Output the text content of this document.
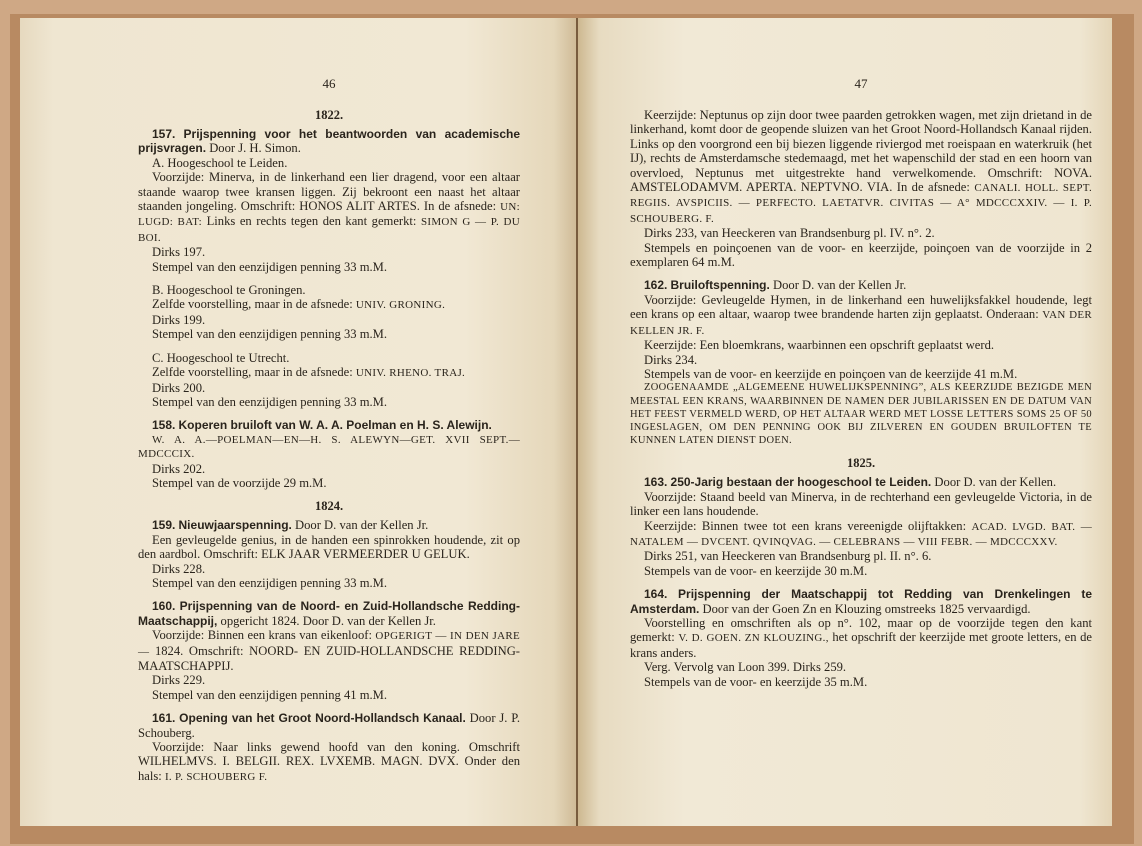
46
1822.

157. Prijspenning voor het beantwoorden van academische prijsvragen. Door J. H. Simon.

A. Hoogeschool te Leiden.

Voorzijde: Minerva, in de linkerhand een lier dragend, voor een altaar staande waarop twee kransen liggen. Zij bekroont een naast het altaar staanden jongeling. Omschrift: HONOS ALIT ARTES. In de afsnede: UN: LUGD: BAT: Links en rechts tegen den kant gemerkt: SIMON G — P. DU BOI.

Dirks 197.

Stempel van den eenzijdigen penning 33 m.M.

B. Hoogeschool te Groningen.

Zelfde voorstelling, maar in de afsnede: UNIV. GRONING.

Dirks 199.

Stempel van den eenzijdigen penning 33 m.M.

C. Hoogeschool te Utrecht.

Zelfde voorstelling, maar in de afsnede: UNIV. RHENO. TRAJ.

Dirks 200.

Stempel van den eenzijdigen penning 33 m.M.

158. Koperen bruiloft van W. A. A. Poelman en H. S. Alewijn.

W. A. A.—POELMAN—EN—H. S. ALEWYN—GET. XVII SEPT.—MDCCCIX.

Dirks 202.

Stempel van de voorzijde 29 m.M.

1824.

159. Nieuwjaarspenning. Door D. van der Kellen Jr.

Een gevleugelde genius, in de handen een spinrokken houdende, zit op den aardbol. Omschrift: ELK JAAR VERMEERDER U GELUK.

Dirks 228.

Stempel van den eenzijdigen penning 33 m.M.

160. Prijspenning van de Noord- en Zuid-Hollandsche Redding-Maatschappij, opgericht 1824. Door D. van der Kellen Jr.

Voorzijde: Binnen een krans van eikenloof: OPGERIGT — IN DEN JARE — 1824. Omschrift: NOORD- EN ZUID-HOLLANDSCHE REDDING-MAATSCHAPPIJ.

Dirks 229.

Stempel van den eenzijdigen penning 41 m.M.

161. Opening van het Groot Noord-Hollandsch Kanaal. Door J. P. Schouberg.

Voorzijde: Naar links gewend hoofd van den koning. Omschrift WILHELMVS. I. BELGII. REX. LVXEMB. MAGN. DVX. Onder den hals: I. P. SCHOUBERG F.

47

Keerzijde: Neptunus op zijn door twee paarden getrokken wagen, met zijn drietand in de linkerhand, komt door de geopende sluizen van het Groot Noord-Hollandsch Kanaal rijden. Links op den voorgrond een bij biezen liggende riviergod met roeispaan en waterkruik (het IJ), rechts de Amsterdamsche stedemaagd, met het wapenschild der stad en een hoorn van overvloed, Neptunus met uitgestrekte hand verwelkomende. Omschrift: NOVA. AMSTELODAMVM. APERTA. NEPTVNO. VIA. In de afsnede: CANALI. HOLL. SEPT. REGIIS. AVSPICIIS. — PERFECTO. LAETATVR. CIVITAS — A° MDCCCXXIV. — I. P. SCHOUBERG. F.

Dirks 233, van Heeckeren van Brandsenburg pl. IV. n°. 2.

Stempels en poinçoenen van de voor- en keerzijde, poinçoen van de voorzijde in 2 exemplaren 64 m.M.

162. Bruiloftspenning. Door D. van der Kellen Jr.

Voorzijde: Gevleugelde Hymen, in de linkerhand een huwelijksfakkel houdende, legt een krans op een altaar, waarop twee brandende harten zijn geplaatst. Onderaan: VAN DER KELLEN JR. F.

Keerzijde: Een bloemkrans, waarbinnen een opschrift geplaatst werd.

Dirks 234.

Stempels van de voor- en keerzijde en poinçoen van de keerzijde 41 m.M.

ZOOGENAAMDE „ALGEMEENE HUWELIJKSPENNING”, ALS KEERZIJDE BEZIGDE MEN MEESTAL EEN KRANS, WAARBINNEN DE NAMEN DER JUBILARISSEN EN DE DATUM VAN HET FEEST VERMELD WERD, OP HET ALTAAR WERD MET LOSSE LETTERS SOMS 25 OF 50 INGESLAGEN, OM DEN PENNING OOK BIJ ZILVEREN EN GOUDEN BRUILOFTEN TE KUNNEN LATEN DIENST DOEN.

1825.

163. 250-Jarig bestaan der hoogeschool te Leiden. Door D. van der Kellen.

Voorzijde: Staand beeld van Minerva, in de rechterhand een gevleugelde Victoria, in de linker een lans houdende.

Keerzijde: Binnen twee tot een krans vereenigde olijftakken: ACAD. LVGD. BAT. — NATALEM — DVCENT. QVINQVAG. — CELEBRANS — VIII FEBR. — MDCCCXXV.

Dirks 251, van Heeckeren van Brandsenburg pl. II. n°. 6.

Stempels van de voor- en keerzijde 30 m.M.

164. Prijspenning der Maatschappij tot Redding van Drenkelingen te Amsterdam. Door van der Goen Zn en Klouzing omstreeks 1825 vervaardigd.

Voorstelling en omschriften als op n°. 102, maar op de voorzijde tegen den kant gemerkt: V. D. GOEN. ZN KLOUZING., het opschrift der keerzijde met groote letters, en de krans anders.

Verg. Vervolg van Loon 399. Dirks 259.

Stempels van de voor- en keerzijde 35 m.M.
